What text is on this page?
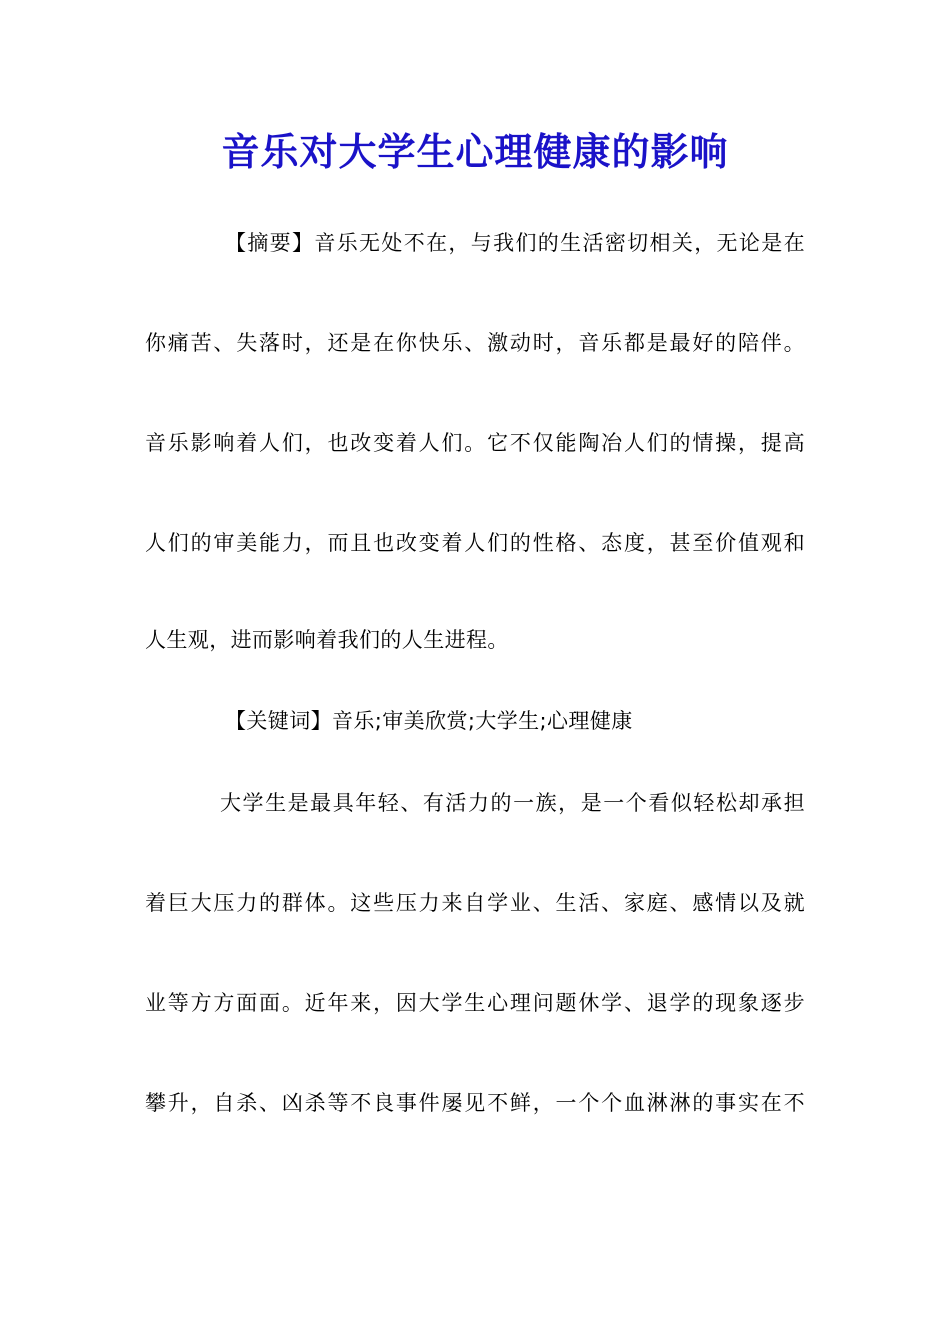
音乐对大学生心理健康的影响
【摘要】音乐无处不在，与我们的生活密切相关，无论是在
你痛苦、失落时，还是在你快乐、激动时，音乐都是最好的陪伴。
音乐影响着人们，也改变着人们。它不仅能陶冶人们的情操，提高
人们的审美能力，而且也改变着人们的性格、态度，甚至价值观和
人生观，进而影响着我们的人生进程。
【关键词】音乐;审美欣赏;大学生;心理健康
大学生是最具年轻、有活力的一族，是一个看似轻松却承担
着巨大压力的群体。这些压力来自学业、生活、家庭、感情以及就
业等方方面面。近年来，因大学生心理问题休学、退学的现象逐步
攀升，自杀、凶杀等不良事件屡见不鲜，一个个血淋淋的事实在不
